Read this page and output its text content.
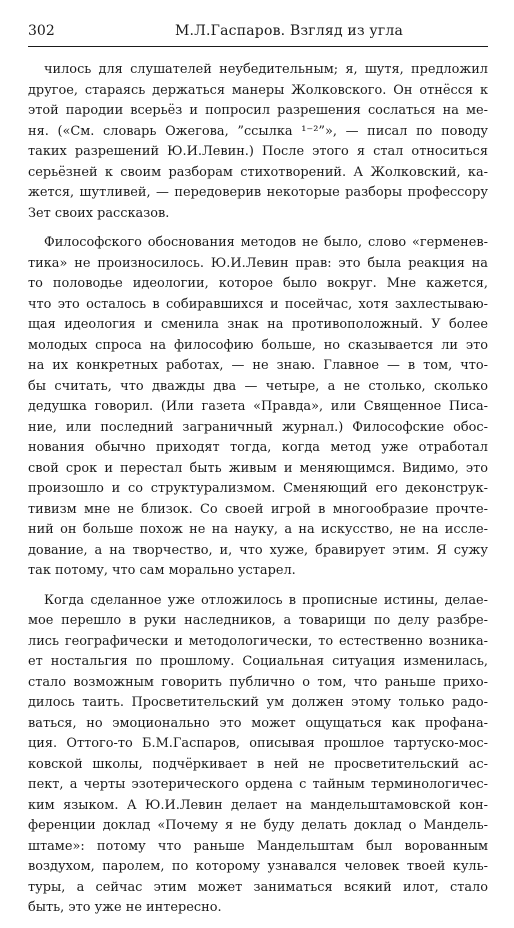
302	М.Л.Гаспаров. Взгляд из угла
чилось для слушателей неубедительным; я, шутя, предложил
другое, стараясь держаться манеры Жолковского. Он отнёсся к
этой пародии всерьёз и попросил разрешения сослаться на ме-
ня. («См. словарь Ожегова, ”ссылка ¹⁻²”», — писал по поводу
таких разрешений Ю.И.Левин.) После этого я стал относиться
серьёзней к своим разборам стихотворений. А Жолковский, ка-
жется, шутливей, — передоверив некоторые разборы профессору
Зет своих рассказов.
Философского обоснования методов не было, слово «герменев-
тика» не произносилось. Ю.И.Левин прав: это была реакция на
то половодье идеологии, которое было вокруг. Мне кажется,
что это осталось в собиравшихся и посейчас, хотя захлестываю-
щая идеология и сменила знак на противоположный. У более
молодых спроса на философию больше, но сказывается ли это
на их конкретных работах, — не знаю. Главное — в том, что-
бы считать, что дважды два — четыре, а не столько, сколько
дедушка говорил. (Или газета «Правда», или Священное Писа-
ние, или последний заграничный журнал.) Философские обос-
нования обычно приходят тогда, когда метод уже отработал
свой срок и перестал быть живым и меняющимся. Видимо, это
произошло и со структурализмом. Сменяющий его деконструк-
тивизм мне не близок. Со своей игрой в многообразие прочте-
ний он больше похож не на науку, а на искусство, не на иссле-
дование, а на творчество, и, что хуже, бравирует этим. Я сужу
так потому, что сам морально устарел.
Когда сделанное уже отложилось в прописные истины, делае-
мое перешло в руки наследников, а товарищи по делу разбре-
лись географически и методологически, то естественно возника-
ет ностальгия по прошлому. Социальная ситуация изменилась,
стало возможным говорить публично о том, что раньше прихо-
дилось таить. Просветительский ум должен этому только радо-
ваться, но эмоционально это может ощущаться как профана-
ция. Оттого-то Б.М.Гаспаров, описывая прошлое тартуско-мос-
ковской школы, подчёркивает в ней не просветительский ас-
пект, а черты эзотерического ордена с тайным терминологичес-
ким языком. А Ю.И.Левин делает на мандельштамовской кон-
ференции доклад «Почему я не буду делать доклад о Мандель-
штаме»: потому что раньше Мандельштам был ворованным
воздухом, паролем, по которому узнавался человек твоей куль-
туры, а сейчас этим может заниматься всякий илот, стало
быть, это уже не интересно.
